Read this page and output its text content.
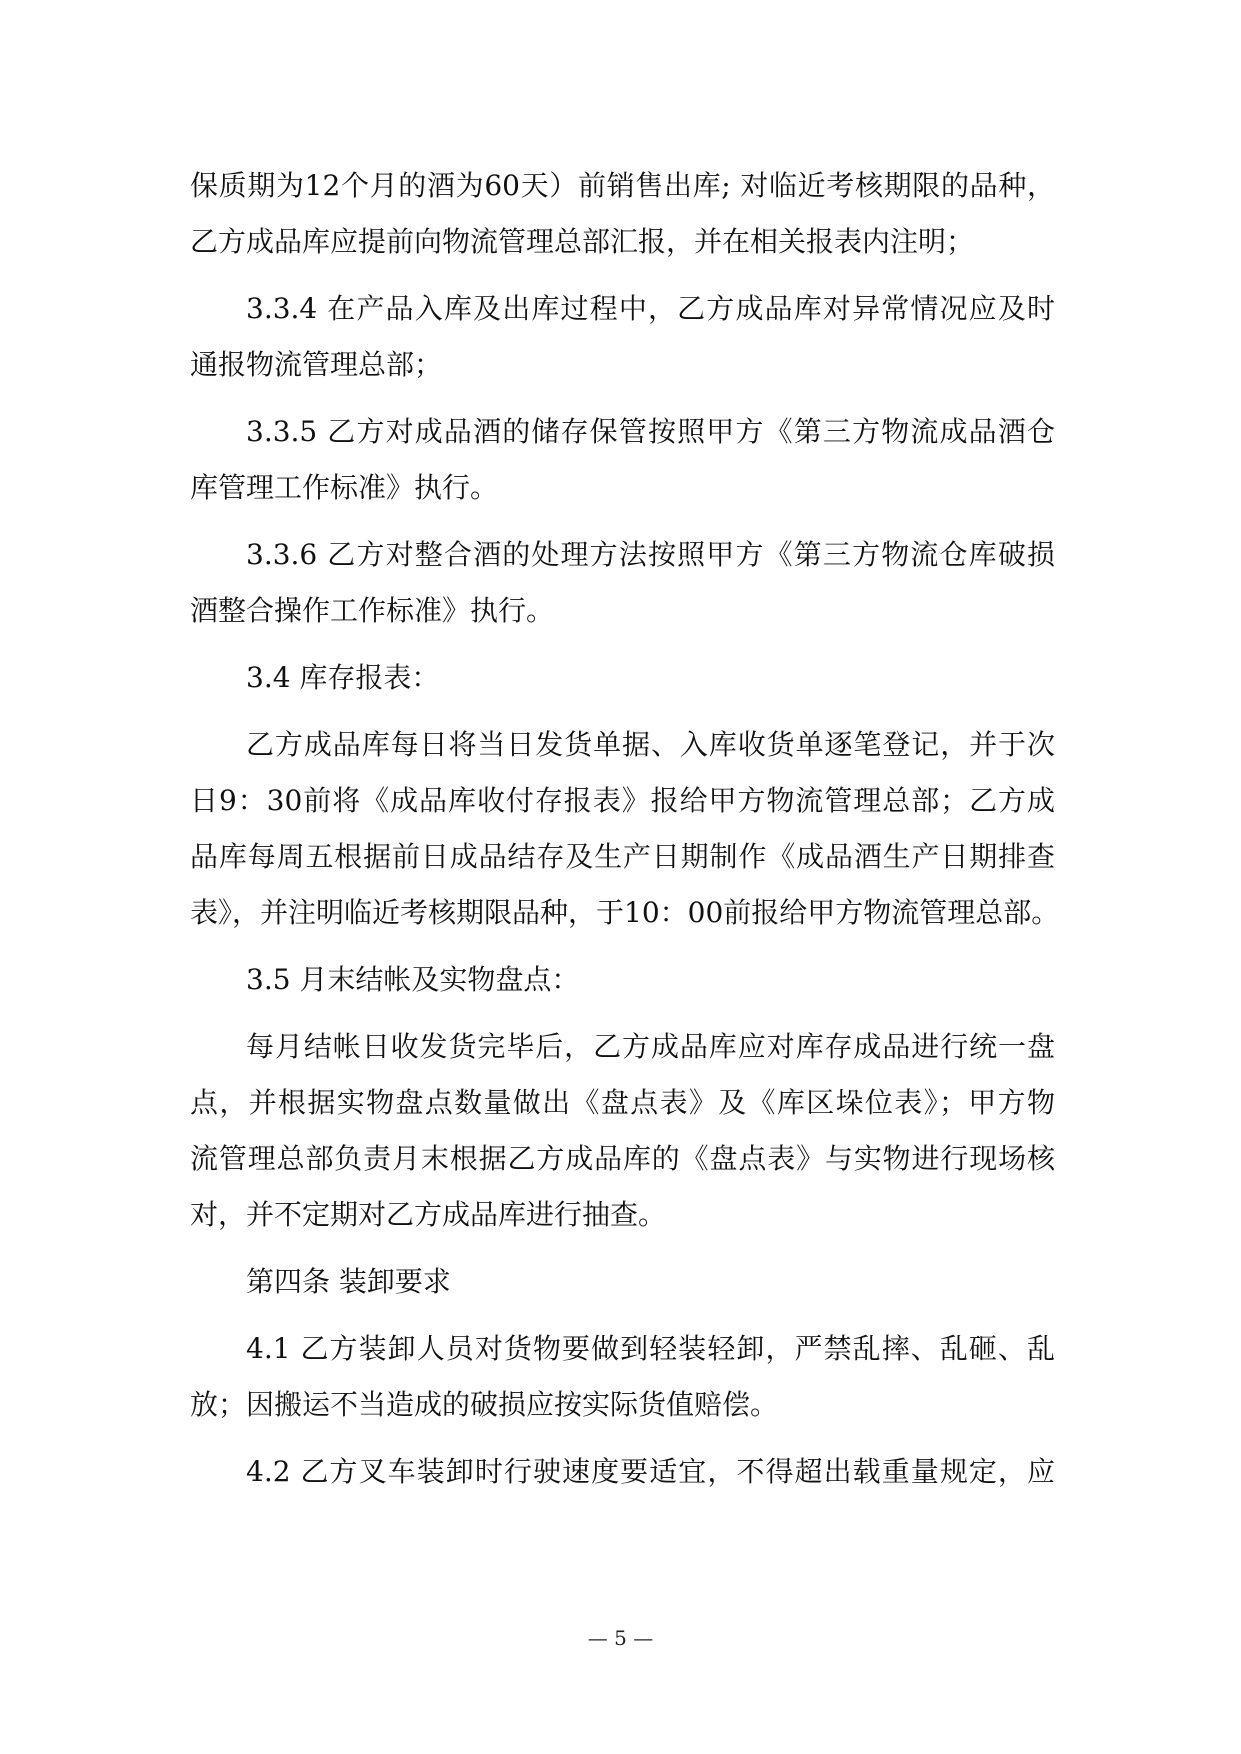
保质期为12个月的酒为60天）前销售出库; 对临近考核期限的品种，
乙方成品库应提前向物流管理总部汇报，并在相关报表内注明；
3.3.4 在产品入库及出库过程中，乙方成品库对异常情况应及时
通报物流管理总部；
3.3.5 乙方对成品酒的储存保管按照甲方《第三方物流成品酒仓
库管理工作标准》执行。
3.3.6 乙方对整合酒的处理方法按照甲方《第三方物流仓库破损
酒整合操作工作标准》执行。
3.4 库存报表：
乙方成品库每日将当日发货单据、入库收货单逐笔登记，并于次
日9：30前将《成品库收付存报表》报给甲方物流管理总部；乙方成
品库每周五根据前日成品结存及生产日期制作《成品酒生产日期排查
表》，并注明临近考核期限品种，于10：00前报给甲方物流管理总部。
3.5 月末结帐及实物盘点：
每月结帐日收发货完毕后，乙方成品库应对库存成品进行统一盘
点，并根据实物盘点数量做出《盘点表》及《库区垛位表》；甲方物
流管理总部负责月末根据乙方成品库的《盘点表》与实物进行现场核
对，并不定期对乙方成品库进行抽查。
第四条 装卸要求
4.1 乙方装卸人员对货物要做到轻装轻卸，严禁乱摔、乱砸、乱
放；因搬运不当造成的破损应按实际货值赔偿。
4.2 乙方叉车装卸时行驶速度要适宜，不得超出载重量规定，应
— 5 —
